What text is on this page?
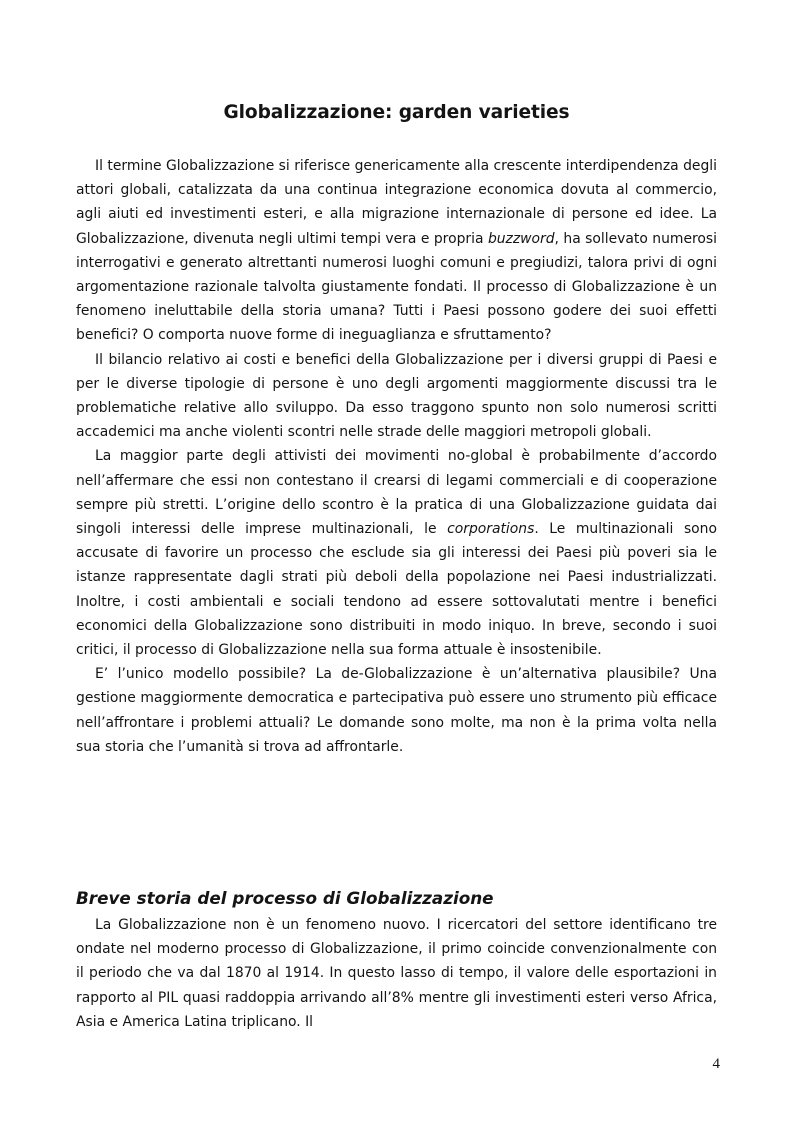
Globalizzazione: garden varieties

Il termine Globalizzazione si riferisce genericamente alla crescente interdipendenza degli attori globali, catalizzata da una continua integrazione economica dovuta al commercio, agli aiuti ed investimenti esteri, e alla migrazione internazionale di persone ed idee. La Globalizzazione, divenuta negli ultimi tempi vera e propria buzzword, ha sollevato numerosi interrogativi e generato altrettanti numerosi luoghi comuni e pregiudizi, talora privi di ogni argomentazione razionale talvolta giustamente fondati. Il processo di Globalizzazione è un fenomeno ineluttabile della storia umana? Tutti i Paesi possono godere dei suoi effetti benefici? O comporta nuove forme di ineguaglianza e sfruttamento?

Il bilancio relativo ai costi e benefici della Globalizzazione per i diversi gruppi di Paesi e per le diverse tipologie di persone è uno degli argomenti maggiormente discussi tra le problematiche relative allo sviluppo. Da esso traggono spunto non solo numerosi scritti accademici ma anche violenti scontri nelle strade delle maggiori metropoli globali.

La maggior parte degli attivisti dei movimenti no-global è probabilmente d’accordo nell’affermare che essi non contestano il crearsi di legami commerciali e di cooperazione sempre più stretti. L’origine dello scontro è la pratica di una Globalizzazione guidata dai singoli interessi delle imprese multinazionali, le corporations. Le multinazionali sono accusate di favorire un processo che esclude sia gli interessi dei Paesi più poveri sia le istanze rappresentate dagli strati più deboli della popolazione nei Paesi industrializzati. Inoltre, i costi ambientali e sociali tendono ad essere sottovalutati mentre i benefici economici della Globalizzazione sono distribuiti in modo iniquo. In breve, secondo i suoi critici, il processo di Globalizzazione nella sua forma attuale è insostenibile.

E’ l’unico modello possibile? La de-Globalizzazione è un’alternativa plausibile? Una gestione maggiormente democratica e partecipativa può essere uno strumento più efficace nell’affrontare i problemi attuali? Le domande sono molte, ma non è la prima volta nella sua storia che l’umanità si trova ad affrontarle.

Breve storia del processo di Globalizzazione

La Globalizzazione non è un fenomeno nuovo. I ricercatori del settore identificano tre ondate nel moderno processo di Globalizzazione, il primo coincide convenzionalmente con il periodo che va dal 1870 al 1914. In questo lasso di tempo, il valore delle esportazioni in rapporto al PIL quasi raddoppia arrivando all’8% mentre gli investimenti esteri verso Africa, Asia e America Latina triplicano. Il

4
